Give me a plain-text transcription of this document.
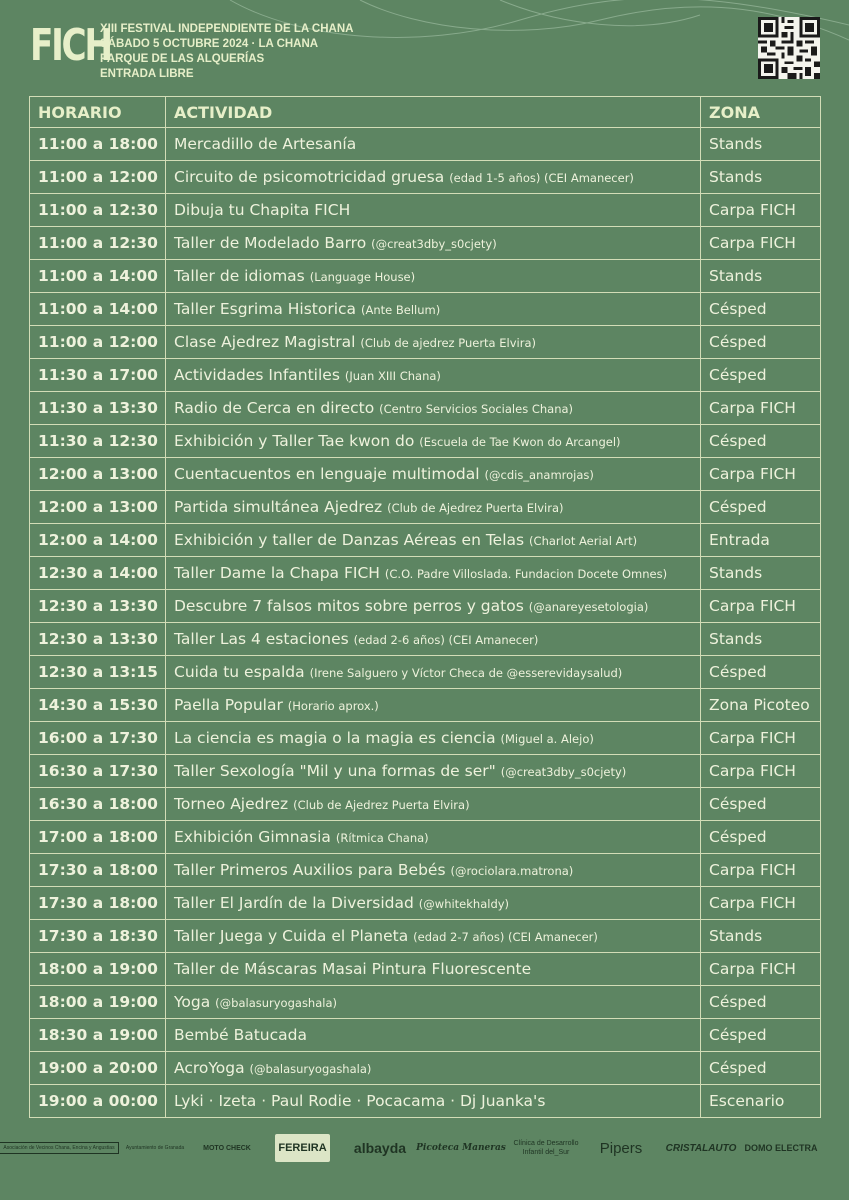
FICH
XIII FESTIVAL INDEPENDIENTE DE LA CHANA
SÁBADO 5 OCTUBRE 2024 · LA CHANA
PARQUE DE LAS ALQUERÍAS
ENTRADA LIBRE
HORARIO	ACTIVIDAD	ZONA
11:00 a 18:00	Mercadillo de Artesanía	Stands
11:00 a 12:00	Circuito de psicomotricidad gruesa (edad 1-5 años) (CEI Amanecer)	Stands
11:00 a 12:30	Dibuja tu Chapita FICH	Carpa FICH
11:00 a 12:30	Taller de Modelado Barro (@creat3dby_s0cjety)	Carpa FICH
11:00 a 14:00	Taller de idiomas (Language House)	Stands
11:00 a 14:00	Taller Esgrima Historica (Ante Bellum)	Césped
11:00 a 12:00	Clase Ajedrez Magistral (Club de ajedrez Puerta Elvira)	Césped
11:30 a 17:00	Actividades Infantiles (Juan XIII Chana)	Césped
11:30 a 13:30	Radio de Cerca en directo (Centro Servicios Sociales Chana)	Carpa FICH
11:30 a 12:30	Exhibición y Taller Tae kwon do (Escuela de Tae Kwon do Arcangel)	Césped
12:00 a 13:00	Cuentacuentos en lenguaje multimodal (@cdis_anamrojas)	Carpa FICH
12:00 a 13:00	Partida simultánea Ajedrez (Club de Ajedrez Puerta Elvira)	Césped
12:00 a 14:00	Exhibición y taller de Danzas Aéreas en Telas (Charlot Aerial Art)	Entrada
12:30 a 14:00	Taller Dame la Chapa FICH (C.O. Padre Villoslada. Fundacion Docete Omnes)	Stands
12:30 a 13:30	Descubre 7 falsos mitos sobre perros y gatos (@anareyesetologia)	Carpa FICH
12:30 a 13:30	Taller Las 4 estaciones (edad 2-6 años) (CEI Amanecer)	Stands
12:30 a 13:15	Cuida tu espalda (Irene Salguero y Víctor Checa de @esserevidaysalud)	Césped
14:30 a 15:30	Paella Popular (Horario aprox.)	Zona Picoteo
16:00 a 17:30	La ciencia es magia o la magia es ciencia (Miguel a. Alejo)	Carpa FICH
16:30 a 17:30	Taller Sexología "Mil y una formas de ser" (@creat3dby_s0cjety)	Carpa FICH
16:30 a 18:00	Torneo Ajedrez (Club de Ajedrez Puerta Elvira)	Césped
17:00 a 18:00	Exhibición Gimnasia (Rítmica Chana)	Césped
17:30 a 18:00	Taller Primeros Auxilios para Bebés (@rociolara.matrona)	Carpa FICH
17:30 a 18:00	Taller El Jardín de la Diversidad (@whitekhaldy)	Carpa FICH
17:30 a 18:30	Taller Juega y Cuida el Planeta (edad 2-7 años) (CEI Amanecer)	Stands
18:00 a 19:00	Taller de Máscaras Masai Pintura Fluorescente	Carpa FICH
18:00 a 19:00	Yoga (@balasuryogashala)	Césped
18:30 a 19:00	Bembé Batucada	Césped
19:00 a 20:00	AcroYoga (@balasuryogashala)	Césped
19:00 a 00:00	Lyki · Izeta · Paul Rodie · Pocacama · Dj Juanka's	Escenario
Asociación de Vecinos Chana, Encina y Angustias	Ayuntamiento de Granada	MOTO CHECK	FEREIRA albayda Picoteca Maneras	Clínica de Desarrollo Infantil del_Sur	Pipers CRISTALAUTO DOMO ELECTRA
